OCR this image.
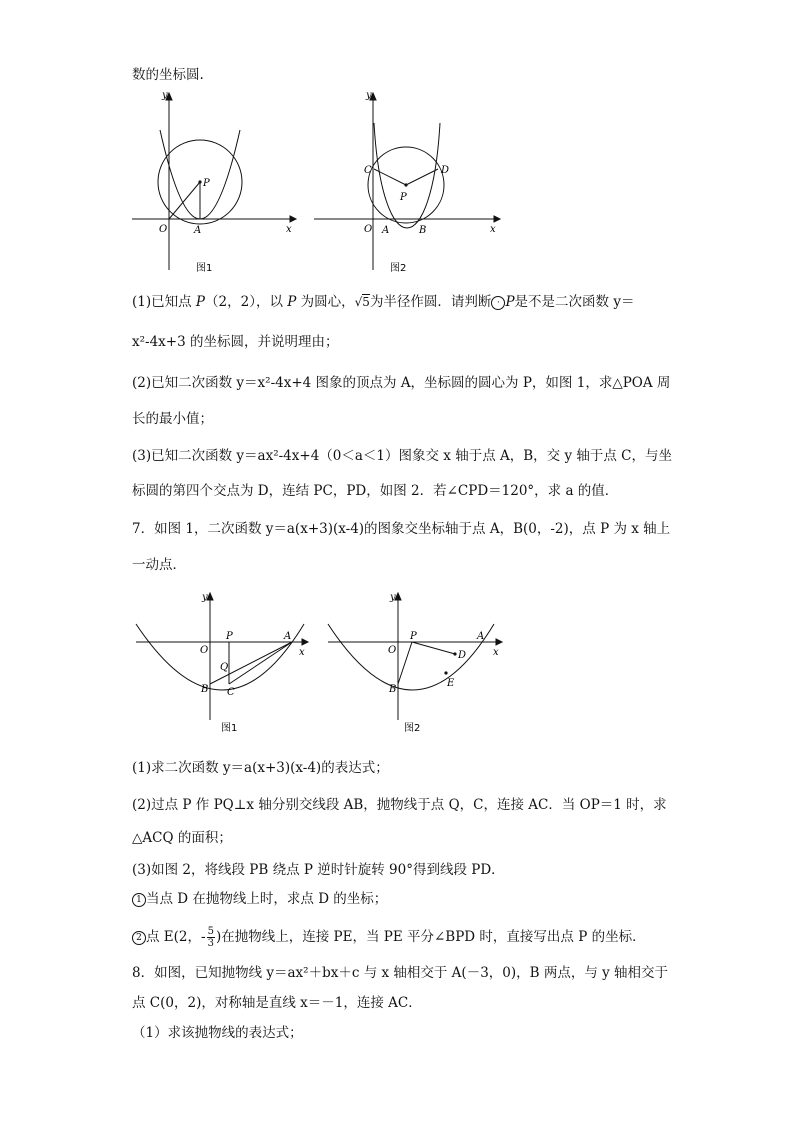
数的坐标圆.
y
x
O	A
P
图1
y
x
O A	B
C	D
P
图2
(1)已知点 P（2，2），以 P 为圆心，√5为半径作圆．请判断 · P是不是二次函数 y＝
x²-4x+3 的坐标圆，并说明理由；
(2)已知二次函数 y＝x²-4x+4 图象的顶点为 A，坐标圆的圆心为 P，如图 1，求△POA 周
长的最小值；
(3)已知二次函数 y＝ax²-4x+4（0＜a＜1）图象交 x 轴于点 A，B，交 y 轴于点 C，与坐
标圆的第四个交点为 D，连结 PC，PD，如图 2．若∠CPD＝120°，求 a 的值．
7．如图 1，二次函数 y＝a(x+3)(x-4)的图象交坐标轴于点 A，B(0，-2)，点 P 为 x 轴上
一动点．
y
x
O
P	A
Q
B C
图1
y
x
O
P	A
D
B
E
图2
(1)求二次函数 y＝a(x+3)(x-4)的表达式；
(2)过点 P 作 PQ⊥x 轴分别交线段 AB，抛物线于点 Q，C，连接 AC．当 OP＝1 时，求
△ACQ 的面积；
(3)如图 2，将线段 PB 绕点 P 逆时针旋转 90°得到线段 PD．
1 当点 D 在抛物线上时，求点 D 的坐标；
2 点 E(2，- $\frac{5}{3}$ )在抛物线上，连接 PE，当 PE 平分∠BPD 时，直接写出点 P 的坐标．
8．如图，已知抛物线 y＝ax²＋bx＋c 与 x 轴相交于 A(－3，0)，B 两点，与 y 轴相交于
点 C(0，2)，对称轴是直线 x＝－1，连接 AC．
（1）求该抛物线的表达式；
